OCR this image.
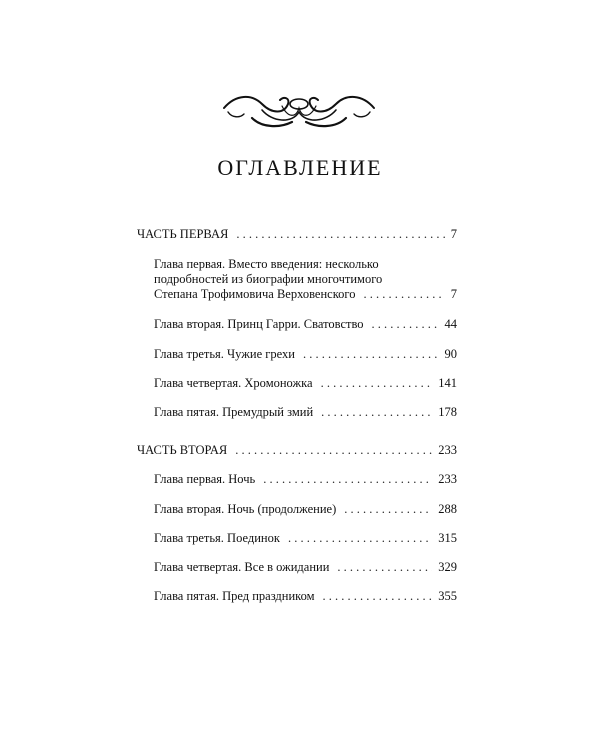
ОГЛАВЛЕНИЕ
ЧАСТЬ ПЕРВАЯ . . .	7
Глава первая. Вместо введения: несколько
подробностей из биографии многочтимого
Степана Трофимовича Верховенского . . .	7
Глава вторая. Принц Гарри. Сватовство . . .	44
Глава третья. Чужие грехи . . .	90
Глава четвертая. Хромоножка . . .	141
Глава пятая. Премудрый змий . . .	178
ЧАСТЬ ВТОРАЯ . . .	233
Глава первая. Ночь . . .	233
Глава вторая. Ночь (продолжение) . . .	288
Глава третья. Поединок . . .	315
Глава четвертая. Все в ожидании . . .	329
Глава пятая. Пред праздником . . .	355
